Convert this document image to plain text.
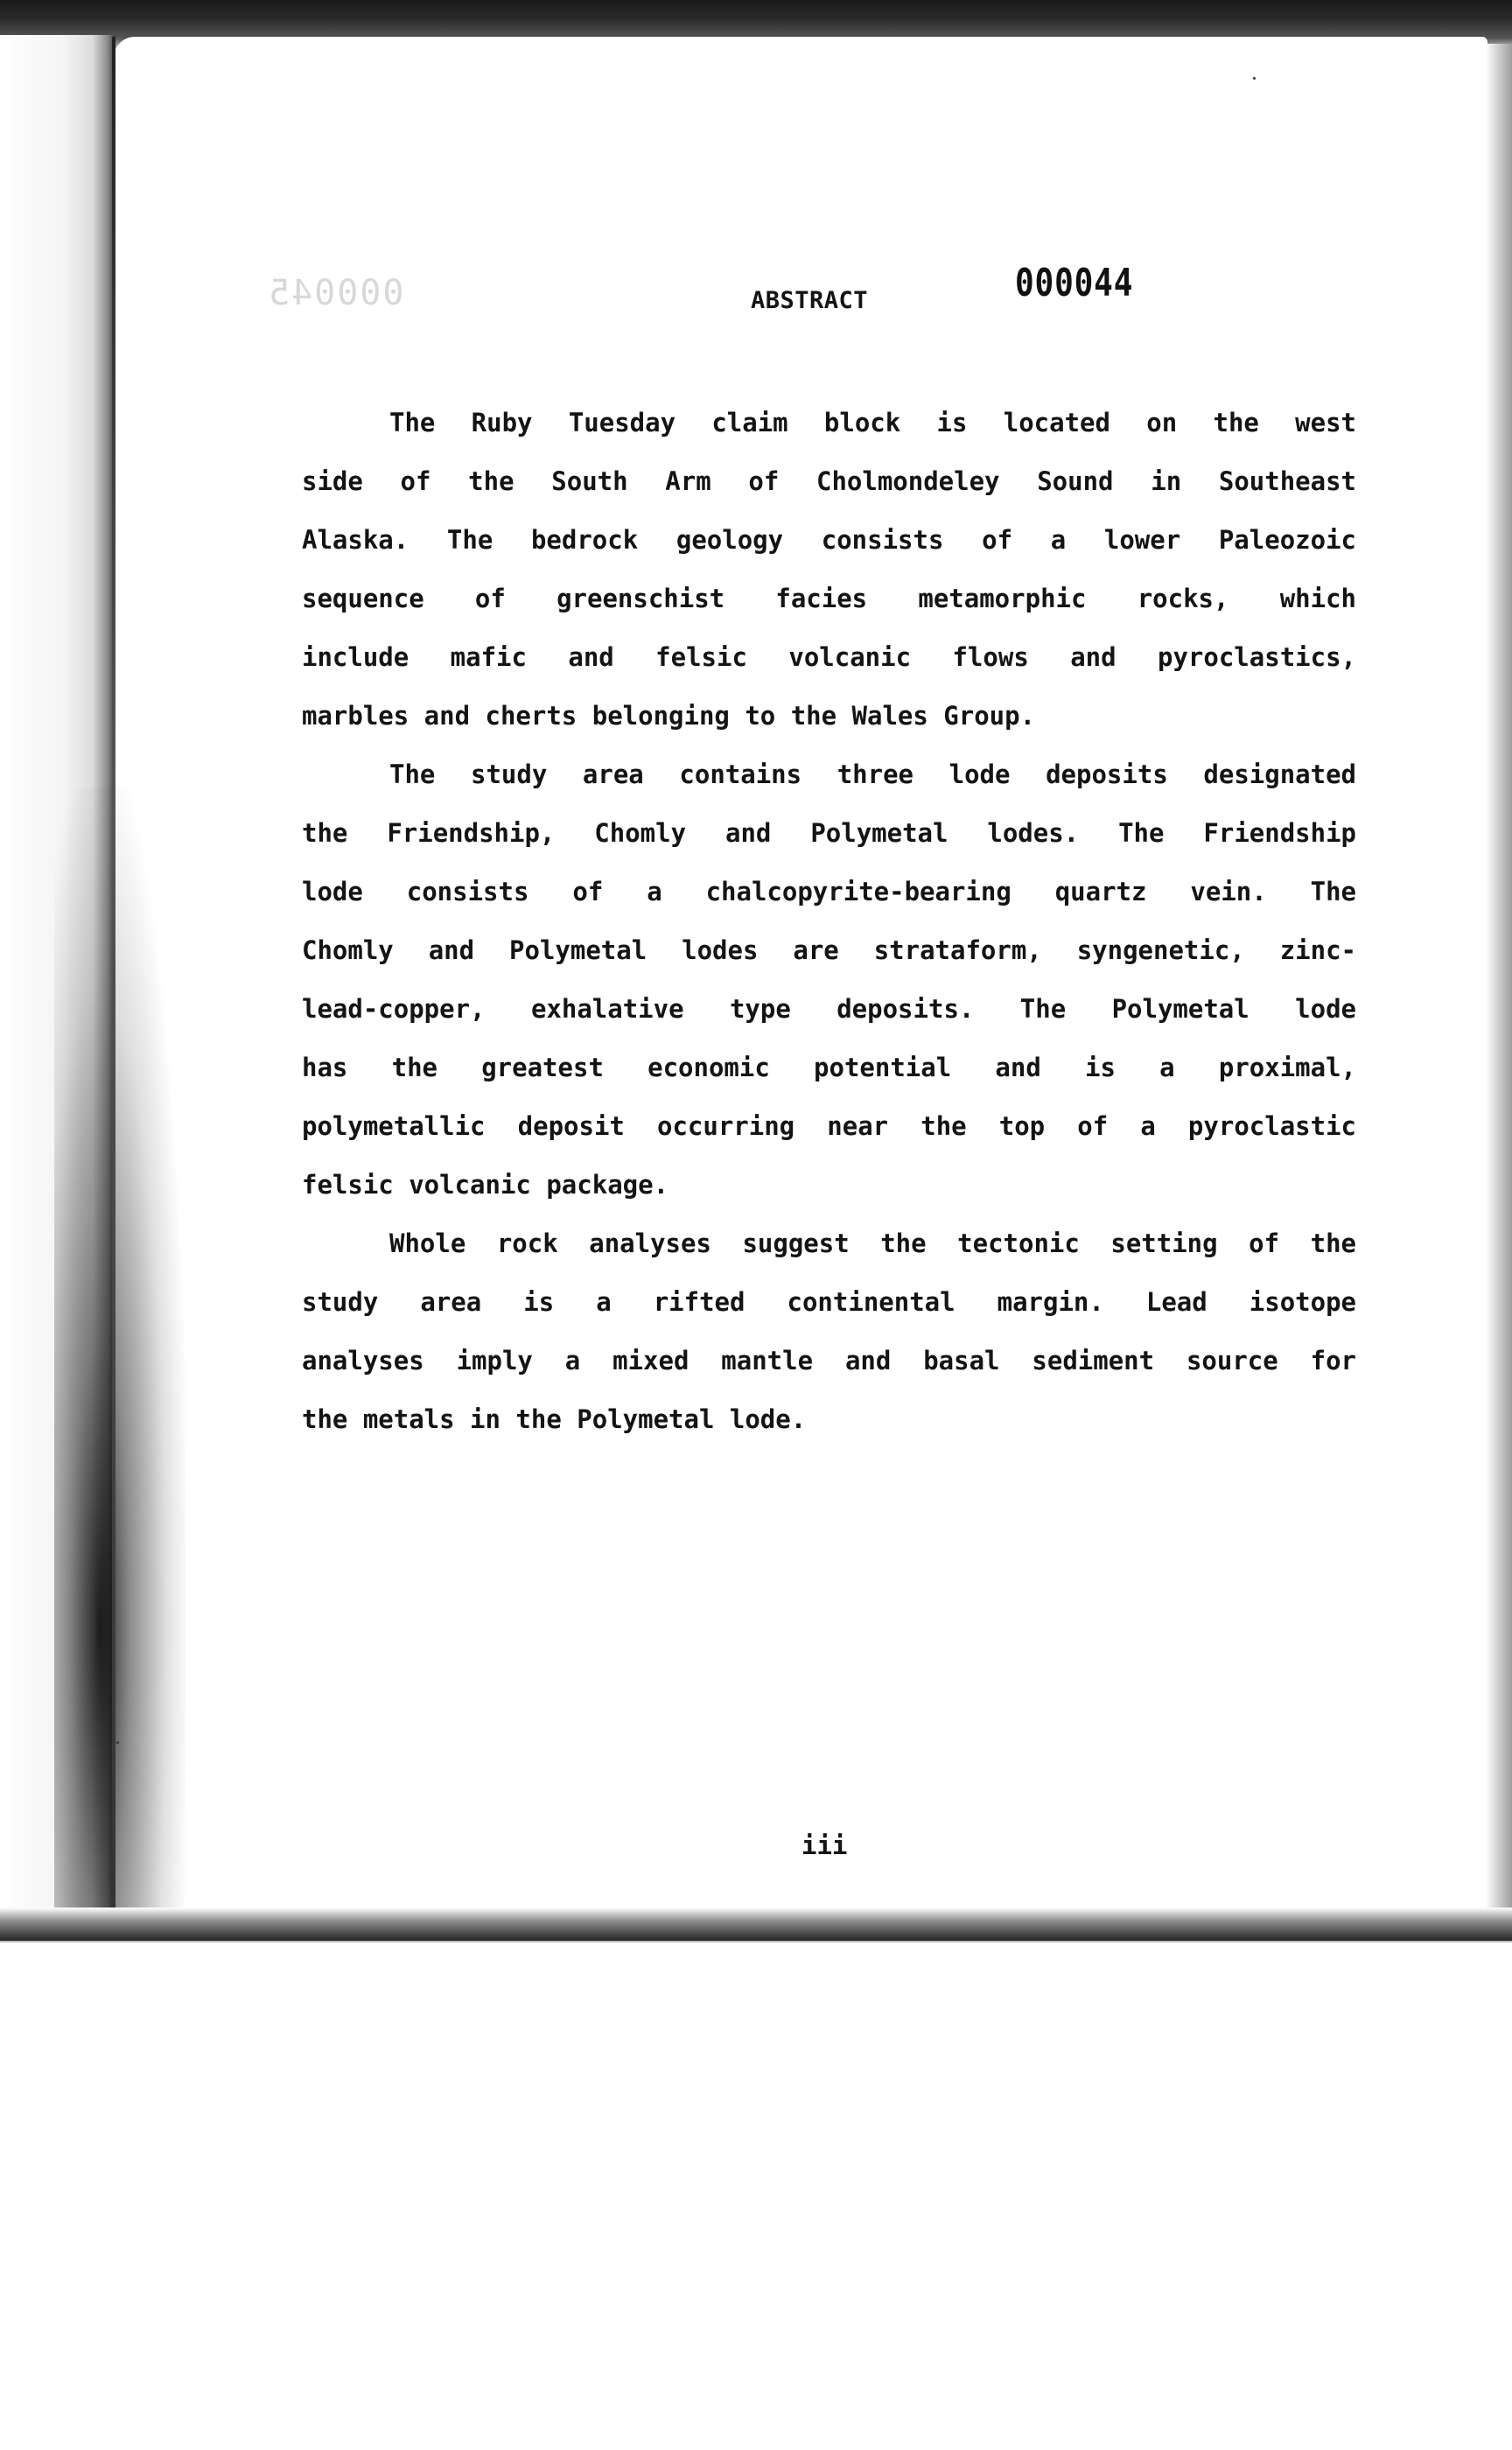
000045	000044
ABSTRACT
The Ruby Tuesday claim block is located on the west
side of the South Arm of Cholmondeley Sound in Southeast
Alaska. The bedrock geology consists of a lower Paleozoic
sequence of greenschist facies metamorphic rocks, which
include mafic and felsic volcanic flows and pyroclastics,
marbles and cherts belonging to the Wales Group.
The study area contains three lode deposits designated
the Friendship, Chomly and Polymetal lodes. The Friendship
lode consists of a chalcopyrite-bearing quartz vein. The
Chomly and Polymetal lodes are strataform, syngenetic, zinc-
lead-copper, exhalative type deposits. The Polymetal lode
has the greatest economic potential and is a proximal,
polymetallic deposit occurring near the top of a pyroclastic
felsic volcanic package.
Whole rock analyses suggest the tectonic setting of the
study area is a rifted continental margin. Lead isotope
analyses imply a mixed mantle and basal sediment source for
the metals in the Polymetal lode.
iii
